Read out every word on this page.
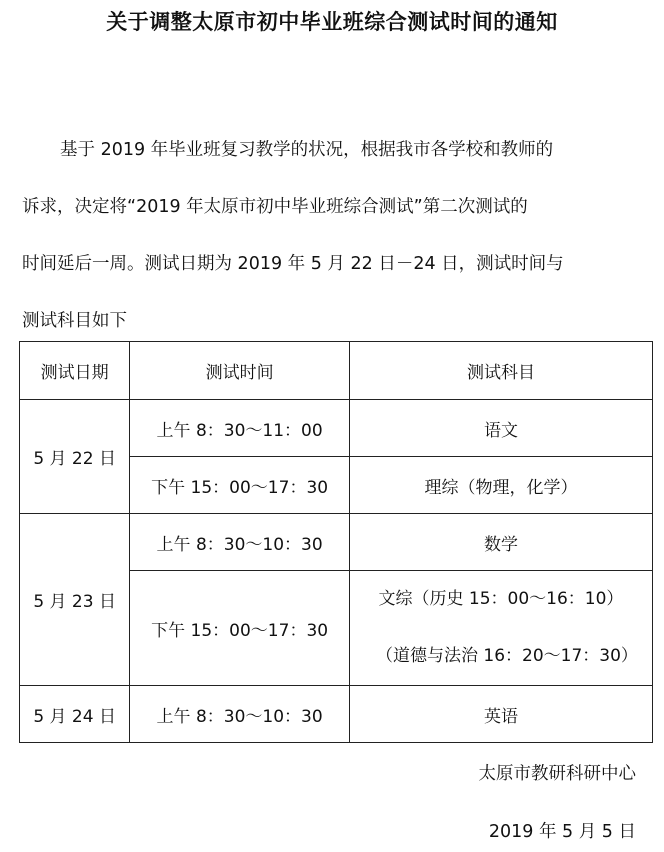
关于调整太原市初中毕业班综合测试时间的通知
基于 2019 年毕业班复习教学的状况，根据我市各学校和教师的
诉求，决定将“2019 年太原市初中毕业班综合测试”第二次测试的
时间延后一周。测试日期为 2019 年 5 月 22 日－24 日，测试时间与
测试科目如下
测试日期	测试时间	测试科目
5 月 22 日	上午 8：30～11：00	语文
	下午 15：00～17：30	理综（物理，化学）
5 月 23 日	上午 8：30～10：30	数学
	下午 15：00～17：30	文综（历史 15：00～16：10）
（道德与法治 16：20～17：30）

5 月 24 日	上午 8：30～10：30	英语
太原市教研科研中心
2019 年 5 月 5 日
